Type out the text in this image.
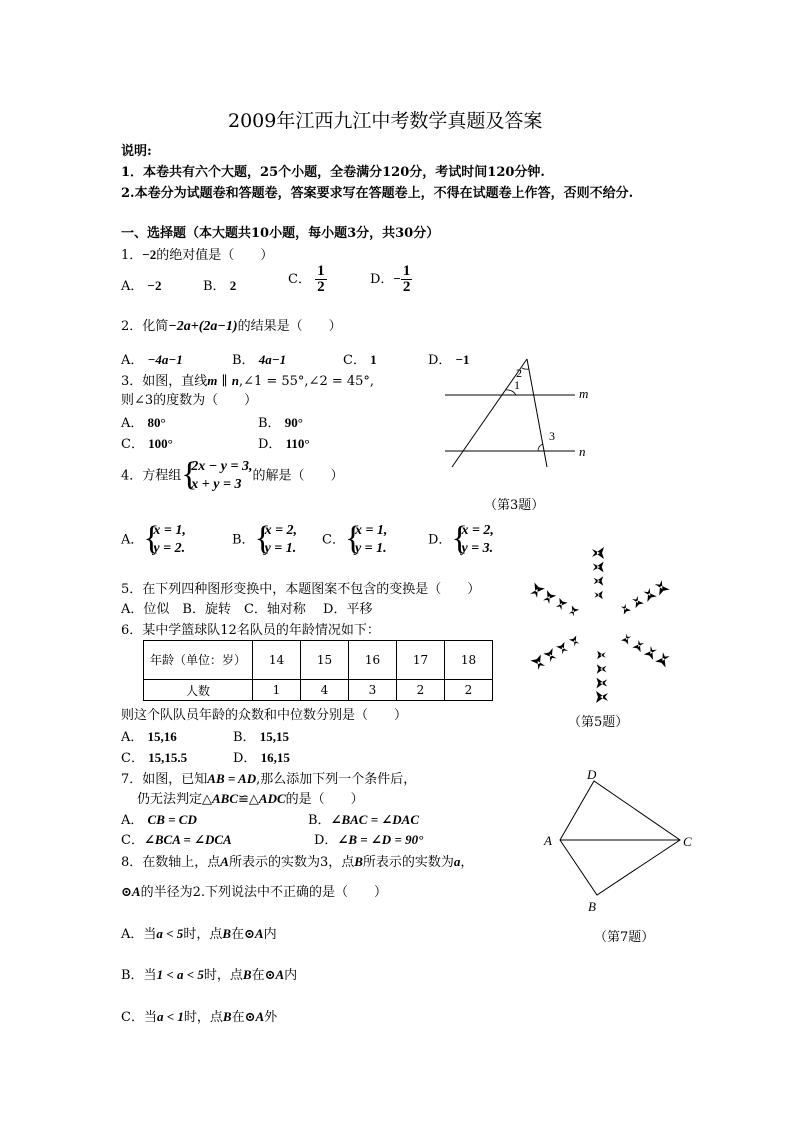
2009年江西九江中考数学真题及答案
说明:
1．本卷共有六个大题，25个小题，全卷满分120分，考试时间120分钟.
2.本卷分为试题卷和答题卷，答案要求写在答题卷上，不得在试题卷上作答，否则不给分.
一、选择题（本大题共10小题，每小题3分，共30分）
1．−2的绝对值是（　　）
A． −2	B． 2	C． $\frac{1}{2}$	D．− $\frac{1}{2}$
2．化简−2a+(2a−1)的结果是（　　）
A． −4a−1	B． 4a−1	C． 1	D． −1
3．如图，直线m ∥ n,∠1 = 55°,∠2 = 45°,
则∠3的度数为（　　）
A． 80°	B． 90°
C． 100°	D． 110°
2
1
3
m
n
（第3题）
4．方程组 {
2x − y = 3,
x + y = 3
的解是（　　）
A． {
x = 1,
y = 2.
B． {
x = 2,
y = 1.
C． {
x = 1,
y = 1.
D． {
x = 2,
y = 3.
5．在下列四种图形变换中，本题图案不包含的变换是（　　）
A．位似　B．旋转　C．轴对称　 D．平移
（第5题）
6．某中学篮球队12名队员的年龄情况如下：
年龄（单位：岁）	14	15	16	17	18
人数	1	4	3	2	2
则这个队队员年龄的众数和中位数分别是（　　）
A． 15,16	B． 15,15
C． 15,15.5	D． 16,15
7．如图，已知AB = AD,那么添加下列一个条件后，
仍无法判定△ABC≌△ADC的是（　　）
A． CB = CD	B．∠BAC = ∠DAC
C．∠BCA = ∠DCA	D．∠B = ∠D = 90°
D
A	C
B
（第7题）
8．在数轴上，点A所表示的实数为3，点B所表示的实数为a，
⊙A的半径为2.下列说法中不正确的是（　　）
A．当a < 5时，点B在⊙A内
B．当1 < a < 5时，点B在⊙A内
C．当a < 1时，点B在⊙A外
